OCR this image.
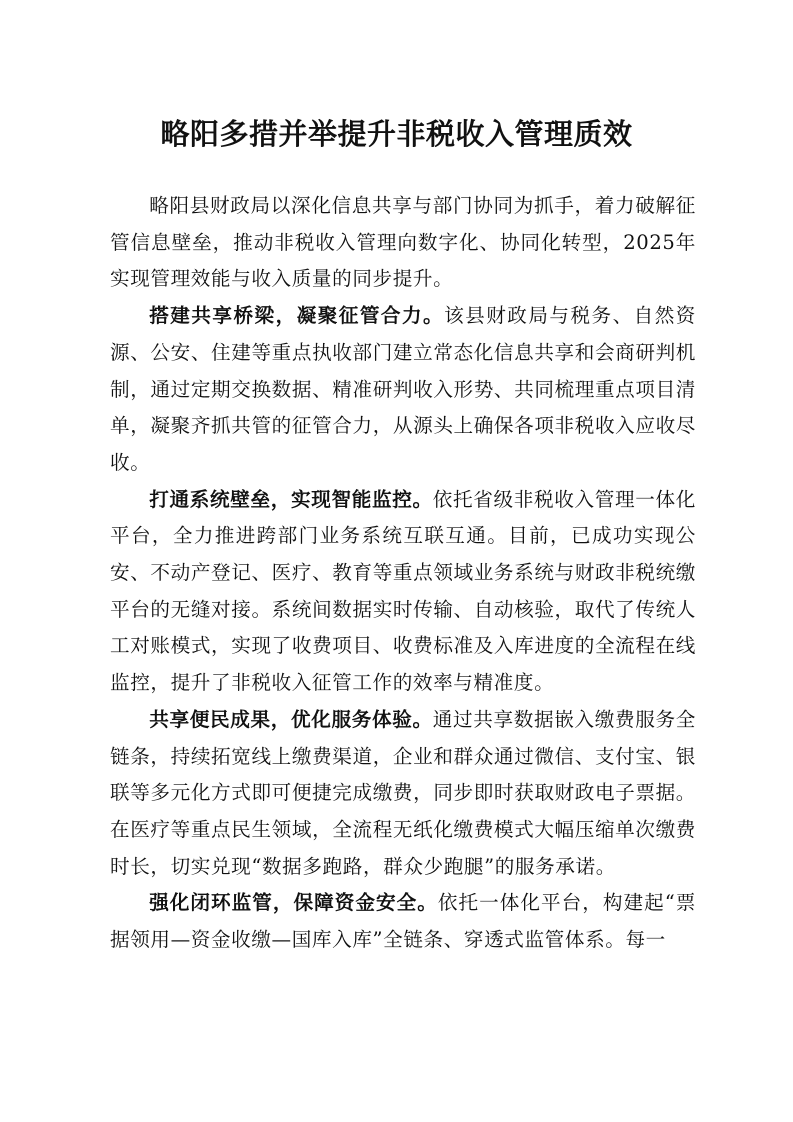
略阳多措并举提升非税收入管理质效

略阳县财政局以深化信息共享与部门协同为抓手，着力破解征管信息壁垒，推动非税收入管理向数字化、协同化转型，2025年实现管理效能与收入质量的同步提升。

搭建共享桥梁，凝聚征管合力。该县财政局与税务、自然资源、公安、住建等重点执收部门建立常态化信息共享和会商研判机制，通过定期交换数据、精准研判收入形势、共同梳理重点项目清单，凝聚齐抓共管的征管合力，从源头上确保各项非税收入应收尽收。

打通系统壁垒，实现智能监控。依托省级非税收入管理一体化平台，全力推进跨部门业务系统互联互通。目前，已成功实现公安、不动产登记、医疗、教育等重点领域业务系统与财政非税统缴平台的无缝对接。系统间数据实时传输、自动核验，取代了传统人工对账模式，实现了收费项目、收费标准及入库进度的全流程在线监控，提升了非税收入征管工作的效率与精准度。

共享便民成果，优化服务体验。通过共享数据嵌入缴费服务全链条，持续拓宽线上缴费渠道，企业和群众通过微信、支付宝、银联等多元化方式即可便捷完成缴费，同步即时获取财政电子票据。在医疗等重点民生领域，全流程无纸化缴费模式大幅压缩单次缴费时长，切实兑现“数据多跑路，群众少跑腿”的服务承诺。

强化闭环监管，保障资金安全。依托一体化平台，构建起“票据领用—资金收缴—国库入库”全链条、穿透式监管体系。每一
